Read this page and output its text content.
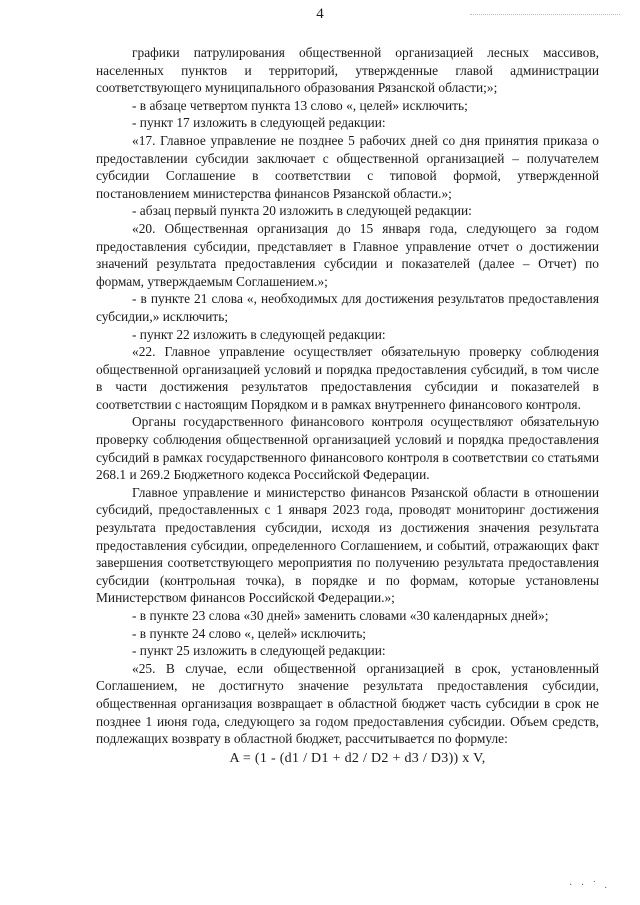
4

графики патрулирования общественной организацией лесных массивов, населенных пунктов и территорий, утвержденные главой администрации соответствующего муниципального образования Рязанской области;»;

- в абзаце четвертом пункта 13 слово «, целей» исключить;

- пункт 17 изложить в следующей редакции:

«17. Главное управление не позднее 5 рабочих дней со дня принятия приказа о предоставлении субсидии заключает с общественной организацией – получателем субсидии Соглашение в соответствии с типовой формой, утвержденной постановлением министерства финансов Рязанской области.»;

- абзац первый пункта 20 изложить в следующей редакции:

«20. Общественная организация до 15 января года, следующего за годом предоставления субсидии, представляет в Главное управление отчет о достижении значений результата предоставления субсидии и показателей (далее – Отчет) по формам, утверждаемым Соглашением.»;

- в пункте 21 слова «, необходимых для достижения результатов предоставления субсидии,» исключить;

- пункт 22 изложить в следующей редакции:

«22. Главное управление осуществляет обязательную проверку соблюдения общественной организацией условий и порядка предоставления субсидий, в том числе в части достижения результатов предоставления субсидии и показателей в соответствии с настоящим Порядком и в рамках внутреннего финансового контроля.

Органы государственного финансового контроля осуществляют обязательную проверку соблюдения общественной организацией условий и порядка предоставления субсидий в рамках государственного финансового контроля в соответствии со статьями 268.1 и 269.2 Бюджетного кодекса Российской Федерации.

Главное управление и министерство финансов Рязанской области в отношении субсидий, предоставленных с 1 января 2023 года, проводят мониторинг достижения результата предоставления субсидии, исходя из достижения значения результата предоставления субсидии, определенного Соглашением, и событий, отражающих факт завершения соответствующего мероприятия по получению результата предоставления субсидии (контрольная точка), в порядке и по формам, которые установлены Министерством финансов Российской Федерации.»;

- в пункте 23 слова «30 дней» заменить словами «30 календарных дней»;

- в пункте 24 слово «, целей» исключить;

- пункт 25 изложить в следующей редакции:

«25. В случае, если общественной организацией в срок, установленный Соглашением, не достигнуто значение результата предоставления субсидии, общественная организация возвращает в областной бюджет часть субсидии в срок не позднее 1 июня года, следующего за годом предоставления субсидии. Объем средств, подлежащих возврату в областной бюджет, рассчитывается по формуле:

A = (1 - (d1 / D1 + d2 / D2 + d3 / D3)) x V,
· · ˙ .
